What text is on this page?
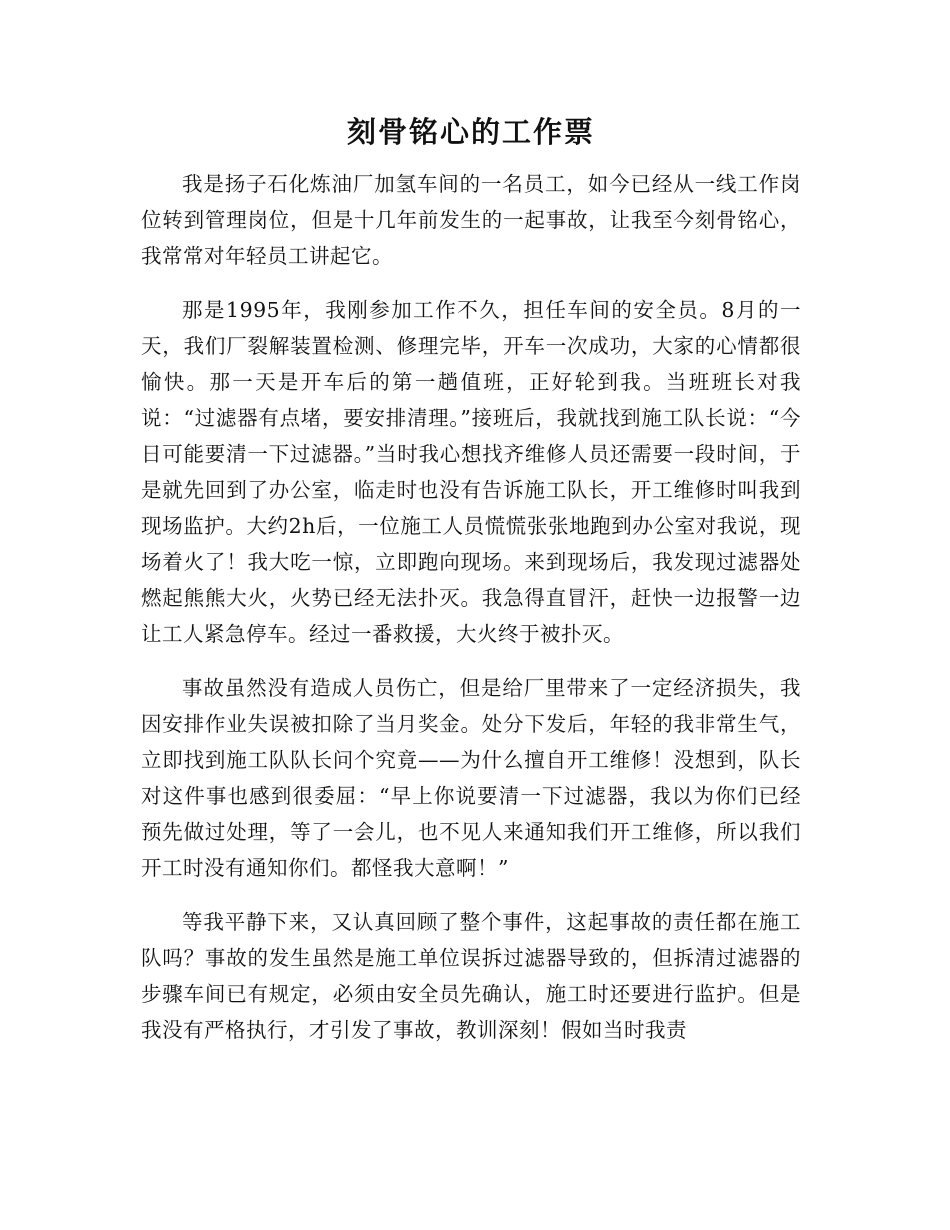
刻骨铭心的工作票

我是扬子石化炼油厂加氢车间的一名员工，如今已经从一线工作岗位转到管理岗位，但是十几年前发生的一起事故，让我至今刻骨铭心，我常常对年轻员工讲起它。

那是1995年，我刚参加工作不久，担任车间的安全员。8月的一天，我们厂裂解装置检测、修理完毕，开车一次成功，大家的心情都很愉快。那一天是开车后的第一趟值班，正好轮到我。当班班长对我说：“过滤器有点堵，要安排清理。”接班后，我就找到施工队长说：“今日可能要清一下过滤器。”当时我心想找齐维修人员还需要一段时间，于是就先回到了办公室，临走时也没有告诉施工队长，开工维修时叫我到现场监护。大约2h后，一位施工人员慌慌张张地跑到办公室对我说，现场着火了！我大吃一惊，立即跑向现场。来到现场后，我发现过滤器处燃起熊熊大火，火势已经无法扑灭。我急得直冒汗，赶快一边报警一边让工人紧急停车。经过一番救援，大火终于被扑灭。

事故虽然没有造成人员伤亡，但是给厂里带来了一定经济损失，我因安排作业失误被扣除了当月奖金。处分下发后，年轻的我非常生气，立即找到施工队队长问个究竟——为什么擅自开工维修！没想到，队长对这件事也感到很委屈：“早上你说要清一下过滤器，我以为你们已经预先做过处理，等了一会儿，也不见人来通知我们开工维修，所以我们开工时没有通知你们。都怪我大意啊！”

等我平静下来，又认真回顾了整个事件，这起事故的责任都在施工队吗？事故的发生虽然是施工单位误拆过滤器导致的，但拆清过滤器的步骤车间已有规定，必须由安全员先确认，施工时还要进行监护。但是我没有严格执行，才引发了事故，教训深刻！假如当时我责
